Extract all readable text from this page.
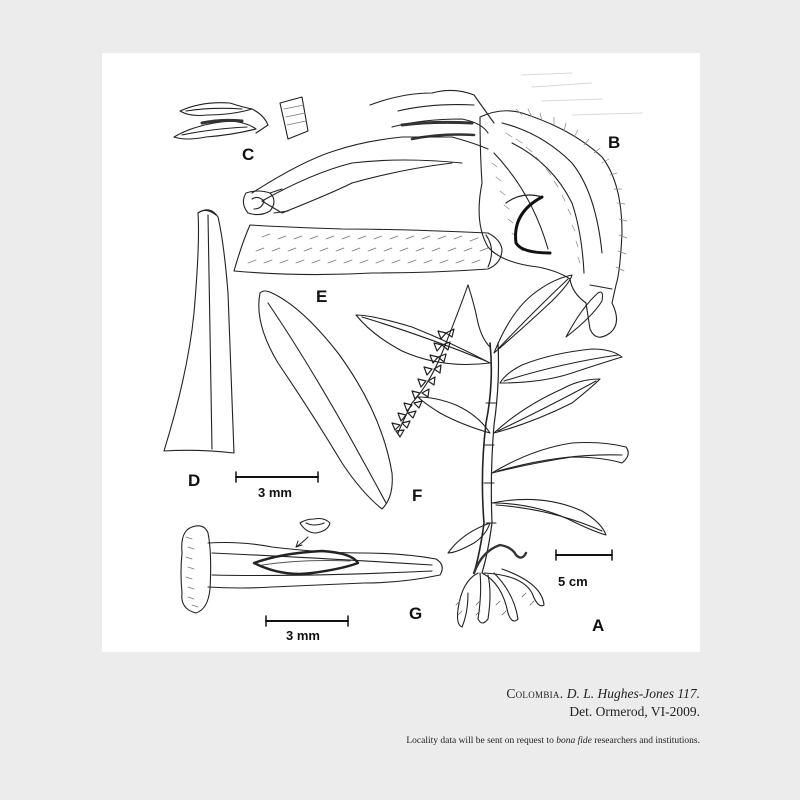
C
B
E
D
F
G
A
3 mm
3 mm
5 cm
Colombia. D. L. Hughes-Jones 117.
Det. Ormerod, VI-2009.
Locality data will be sent on request to bona fide researchers and institutions.
